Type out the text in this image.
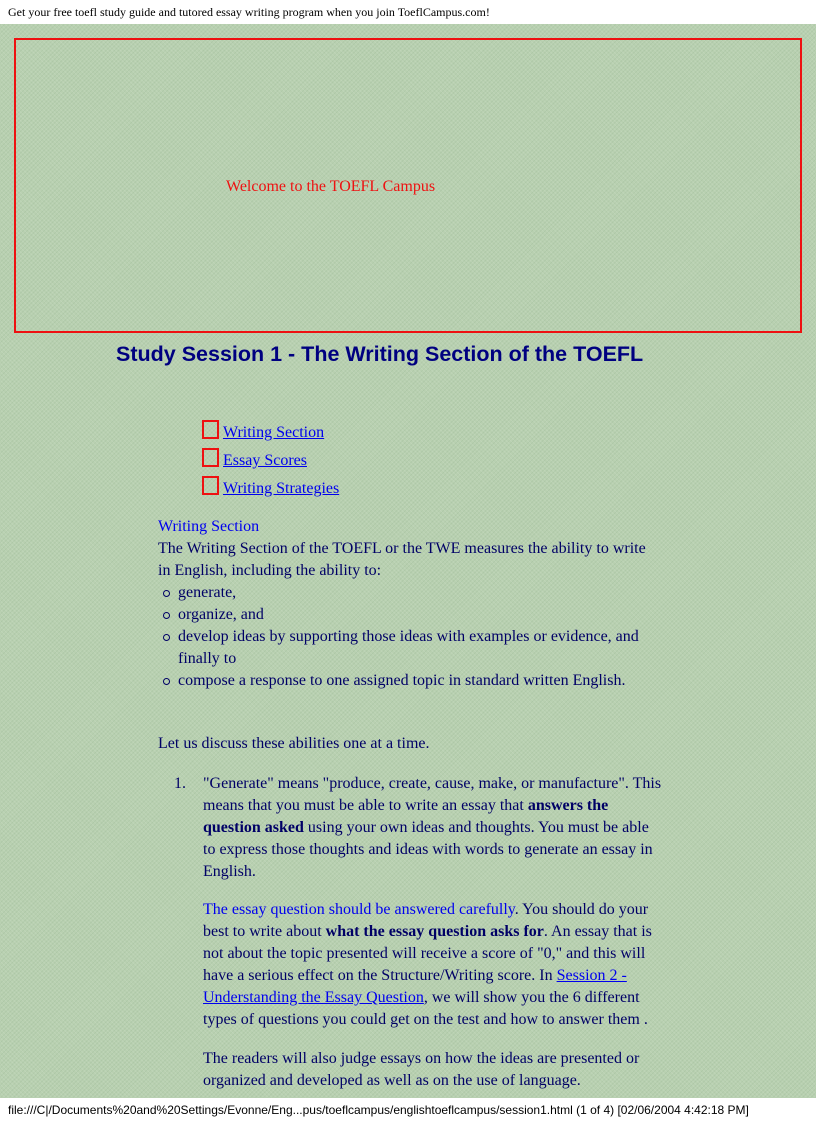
Get your free toefl study guide and tutored essay writing program when you join ToeflCampus.com!
Welcome to the TOEFL Campus
Study Session 1 - The Writing Section of the TOEFL
Writing Section
Essay Scores
Writing Strategies

Writing Section

The Writing Section of the TOEFL or the TWE measures the ability to write in English, including the ability to:

generate,
organize, and
develop ideas by supporting those ideas with examples or evidence, and finally to
compose a response to one assigned topic in standard written English.

Let us discuss these abilities one at a time.

1. "Generate" means "produce, create, cause, make, or manufacture". This means that you must be able to write an essay that answers the question asked using your own ideas and thoughts. You must be able to express those thoughts and ideas with words to generate an essay in English.

The essay question should be answered carefully. You should do your best to write about what the essay question asks for. An essay that is not about the topic presented will receive a score of "0," and this will have a serious effect on the Structure/Writing score. In Session 2 - Understanding the Essay Question, we will show you the 6 different types of questions you could get on the test and how to answer them .

The readers will also judge essays on how the ideas are presented or organized and developed as well as on the use of language.

file:///C|/Documents%20and%20Settings/Evonne/Eng...pus/toeflcampus/englishtoeflcampus/session1.html (1 of 4) [02/06/2004 4:42:18 PM]
